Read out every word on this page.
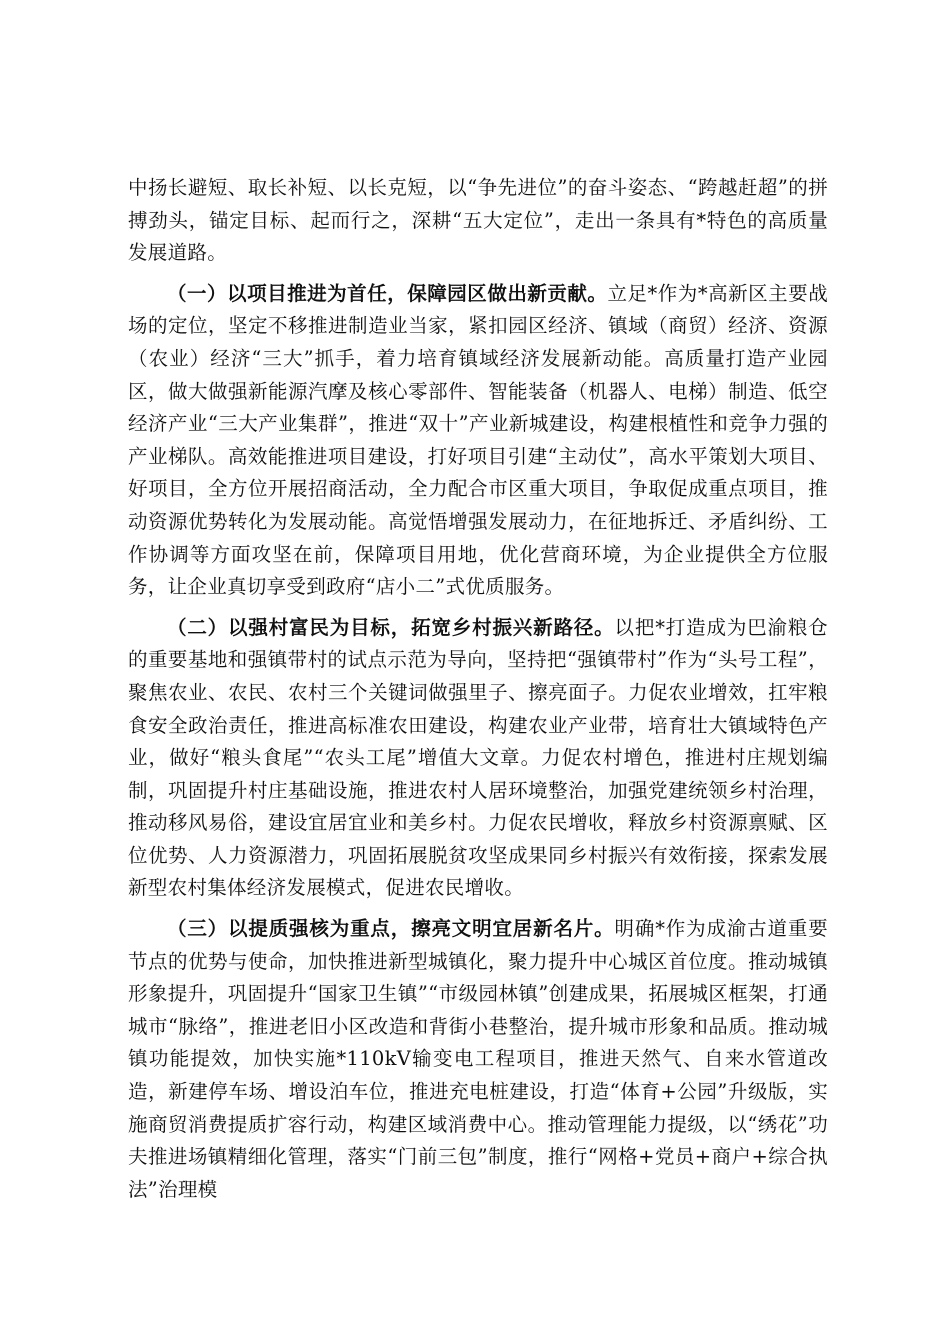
中扬长避短、取长补短、以长克短，以“争先进位”的奋斗姿态、“跨越赶超”的拼搏劲头，锚定目标、起而行之，深耕“五大定位”，走出一条具有*特色的高质量发展道路。

（一）以项目推进为首任，保障园区做出新贡献。立足*作为*高新区主要战场的定位，坚定不移推进制造业当家，紧扣园区经济、镇域（商贸）经济、资源（农业）经济“三大”抓手，着力培育镇域经济发展新动能。高质量打造产业园区，做大做强新能源汽摩及核心零部件、智能装备（机器人、电梯）制造、低空经济产业“三大产业集群”，推进“双十”产业新城建设，构建根植性和竞争力强的产业梯队。高效能推进项目建设，打好项目引建“主动仗”，高水平策划大项目、好项目，全方位开展招商活动，全力配合市区重大项目，争取促成重点项目，推动资源优势转化为发展动能。高觉悟增强发展动力，在征地拆迁、矛盾纠纷、工作协调等方面攻坚在前，保障项目用地，优化营商环境，为企业提供全方位服务，让企业真切享受到政府“店小二”式优质服务。

（二）以强村富民为目标，拓宽乡村振兴新路径。以把*打造成为巴渝粮仓的重要基地和强镇带村的试点示范为导向，坚持把“强镇带村”作为“头号工程”，聚焦农业、农民、农村三个关键词做强里子、擦亮面子。力促农业增效，扛牢粮食安全政治责任，推进高标准农田建设，构建农业产业带，培育壮大镇域特色产业，做好“粮头食尾”“农头工尾”增值大文章。力促农村增色，推进村庄规划编制，巩固提升村庄基础设施，推进农村人居环境整治，加强党建统领乡村治理，推动移风易俗，建设宜居宜业和美乡村。力促农民增收，释放乡村资源禀赋、区位优势、人力资源潜力，巩固拓展脱贫攻坚成果同乡村振兴有效衔接，探索发展新型农村集体经济发展模式，促进农民增收。

（三）以提质强核为重点，擦亮文明宜居新名片。明确*作为成渝古道重要节点的优势与使命，加快推进新型城镇化，聚力提升中心城区首位度。推动城镇形象提升，巩固提升“国家卫生镇”“市级园林镇”创建成果，拓展城区框架，打通城市“脉络”，推进老旧小区改造和背街小巷整治，提升城市形象和品质。推动城镇功能提效，加快实施*110kV输变电工程项目，推进天然气、自来水管道改造，新建停车场、增设泊车位，推进充电桩建设，打造“体育+公园”升级版，实施商贸消费提质扩容行动，构建区域消费中心。推动管理能力提级，以“绣花”功夫推进场镇精细化管理，落实“门前三包”制度，推行“网格+党员+商户+综合执法”治理模
